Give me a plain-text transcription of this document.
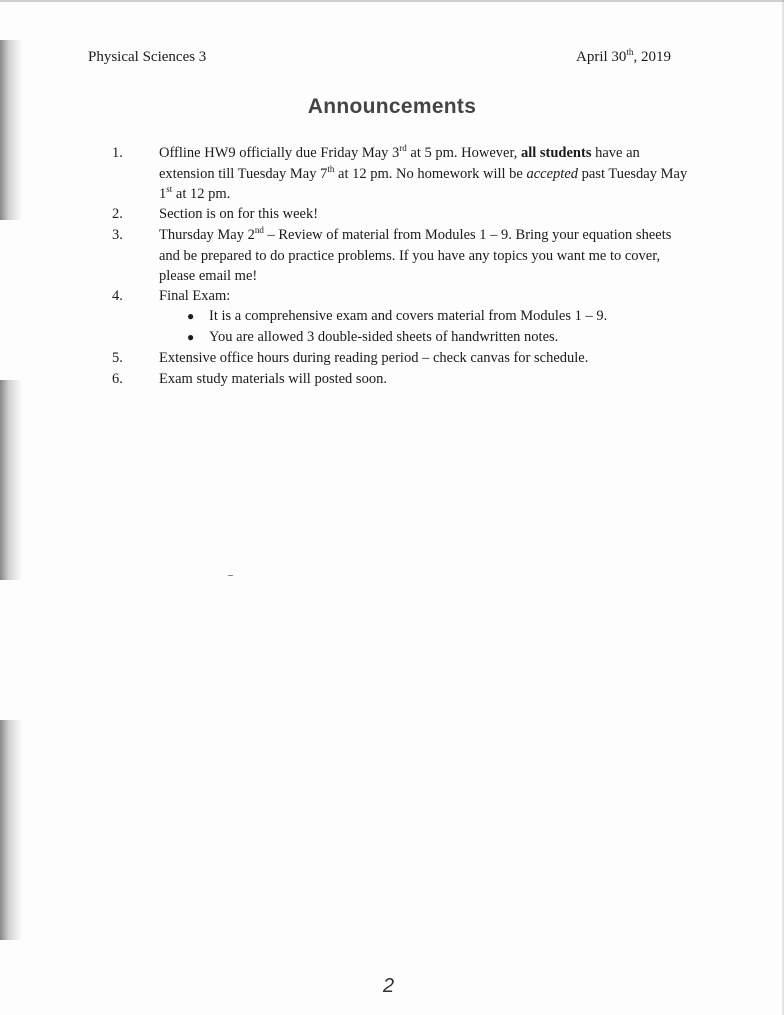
Physical Sciences 3	April 30th, 2019
Announcements
1. Offline HW9 officially due Friday May 3rd at 5 pm. However, all students have an extension till Tuesday May 7th at 12 pm. No homework will be accepted past Tuesday May 1st at 12 pm.
2. Section is on for this week!
3. Thursday May 2nd – Review of material from Modules 1 – 9. Bring your equation sheets and be prepared to do practice problems. If you have any topics you want me to cover, please email me!
4. Final Exam:
● It is a comprehensive exam and covers material from Modules 1 – 9.
● You are allowed 3 double-sided sheets of handwritten notes.
5. Extensive office hours during reading period – check canvas for schedule.
6. Exam study materials will posted soon.
2
